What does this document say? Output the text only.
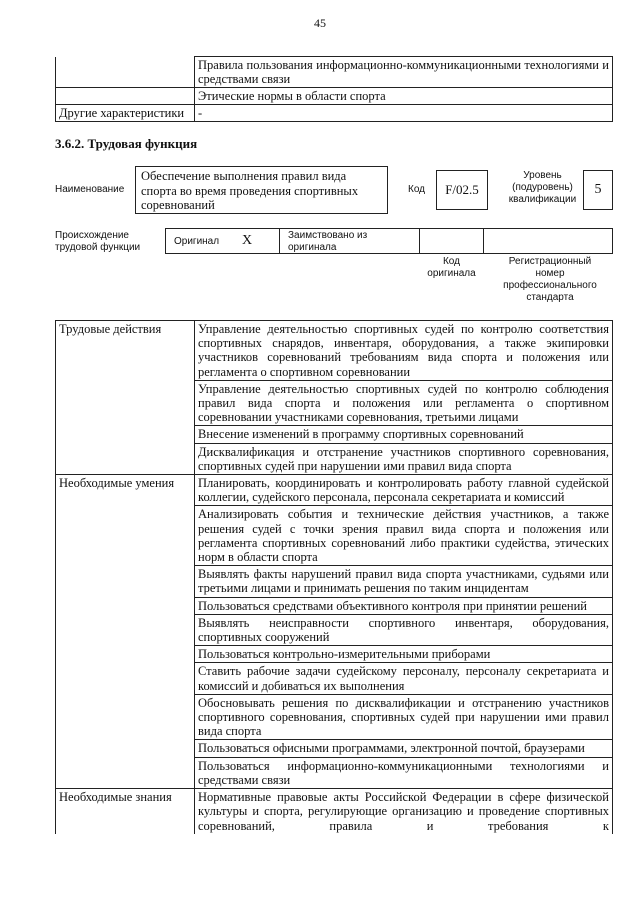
45
	Правила пользования информационно-коммуникационными технологиями и средствами связи
	Этические нормы в области спорта
Другие характеристики	-
3.6.2. Трудовая функция
Наименование
Обеспечение выполнения правил вида спорта во время проведения спортивных соревнований
Код	F/02.5
Уровень
(подуровень)
квалификации
5
Происхождение
трудовой функции
Оригинал X	Заимствовано из
оригинала
Код
оригинала
Регистрационный
номер
профессионального
стандарта
Трудовые действия	Управление деятельностью спортивных судей по контролю соответствия спортивных снарядов, инвентаря, оборудования, а также экипировки участников соревнований требованиям вида спорта и положения или регламента о спортивном соревновании
	Управление деятельностью спортивных судей по контролю соблюдения правил вида спорта и положения или регламента о спортивном соревновании участниками соревнования, третьими лицами
	Внесение изменений в программу спортивных соревнований
	Дисквалификация и отстранение участников спортивного соревнования, спортивных судей при нарушении ими правил вида спорта
Необходимые умения	Планировать, координировать и контролировать работу главной судейской коллегии, судейского персонала, персонала секретариата и комиссий
	Анализировать события и технические действия участников, а также решения судей с точки зрения правил вида спорта и положения или регламента спортивных соревнований либо практики судейства, этических норм в области спорта
	Выявлять факты нарушений правил вида спорта участниками, судьями или третьими лицами и принимать решения по таким инцидентам
	Пользоваться средствами объективного контроля при принятии решений
	Выявлять неисправности спортивного инвентаря, оборудования, спортивных сооружений
	Пользоваться контрольно-измерительными приборами
	Ставить рабочие задачи судейскому персоналу, персоналу секретариата и комиссий и добиваться их выполнения
	Обосновывать решения по дисквалификации и отстранению участников спортивного соревнования, спортивных судей при нарушении ими правил вида спорта
	Пользоваться офисными программами, электронной почтой, браузерами
	Пользоваться информационно-коммуникационными технологиями и средствами связи
Необходимые знания	Нормативные правовые акты Российской Федерации в сфере физической культуры и спорта, регулирующие организацию и проведение спортивных соревнований, правила и требования к
